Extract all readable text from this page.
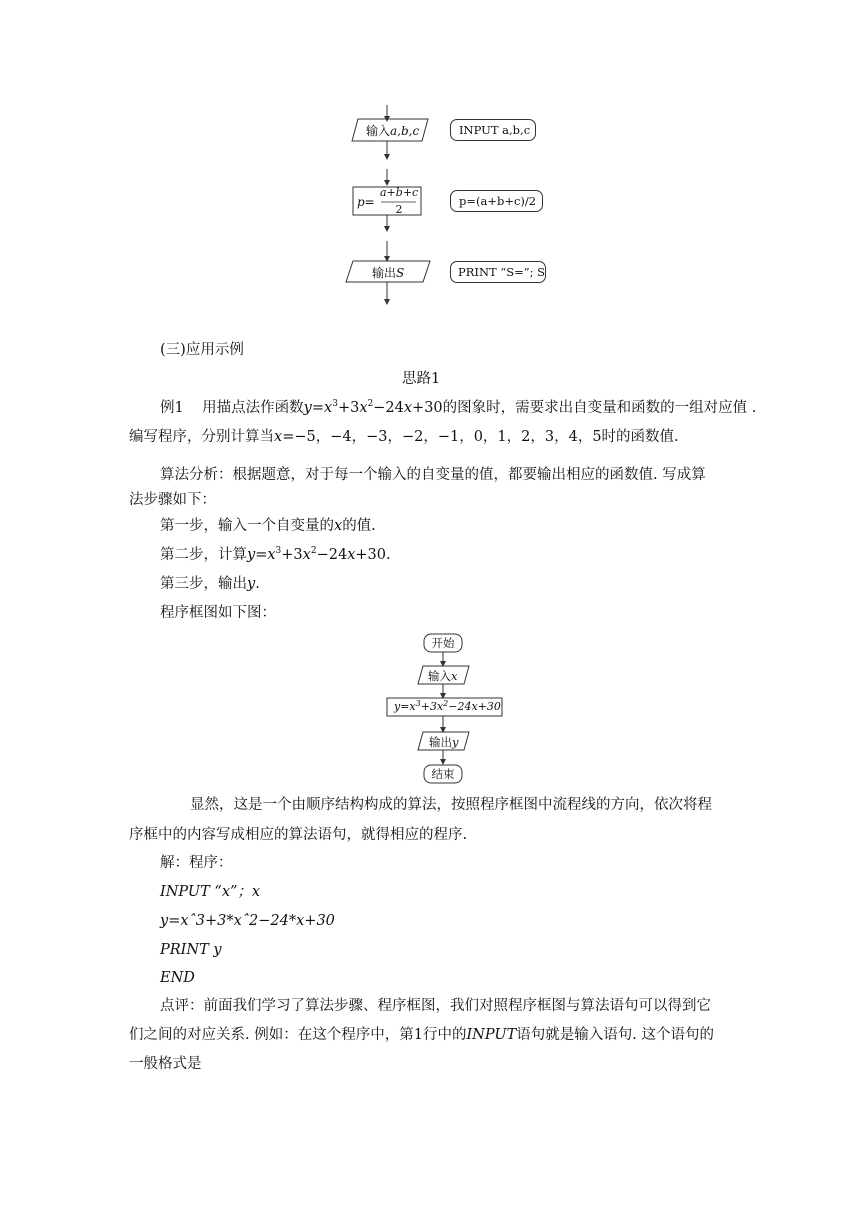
输入a,b,c
p=
a+b+c
2
输出S
INPUT a,b,c
p=(a+b+c)/2
PRINT “S=”; S
(三)应用示例
思路1
例1 用描点法作函数$y=x^3+3x^2-24x+30$的图象时，需要求出自变量和函数的一组对应值 .
编写程序，分别计算当x=−5，−4，−3，−2，−1，0，1，2，3，4，5时的函数值.
算法分析：根据题意，对于每一个输入的自变量的值，都要输出相应的函数值. 写成算
法步骤如下：
第一步，输入一个自变量的x的值.
第二步，计算$y=x^3+3x^2-24x+30$.
第三步，输出y.
程序框图如下图：
开始
输入x
$y=x^3+3x^2-24x+30$
输出y
结束
显然，这是一个由顺序结构构成的算法，按照程序框图中流程线的方向，依次将程
序框中的内容写成相应的算法语句，就得相应的程序.
解：程序：
INPUT “x”；x
y=xˆ3+3*xˆ2−24*x+30
PRINT y
END
点评：前面我们学习了算法步骤、程序框图，我们对照程序框图与算法语句可以得到它
们之间的对应关系. 例如：在这个程序中，第1行中的INPUT语句就是输入语句. 这个语句的
一般格式是
